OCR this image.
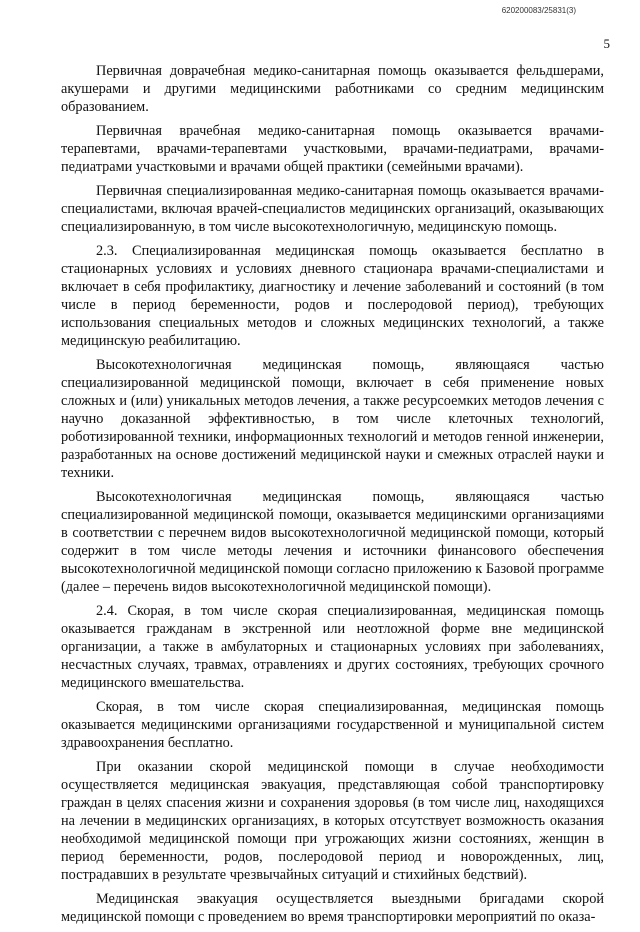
620200083/25831(3)
5

Первичная доврачебная медико-санитарная помощь оказывается фельдшерами, акушерами и другими медицинскими работниками со средним медицинским образованием.

Первичная врачебная медико-санитарная помощь оказывается врачами-терапевтами, врачами-терапевтами участковыми, врачами-педиатрами, врачами-педиатрами участковыми и врачами общей практики (семейными врачами).

Первичная специализированная медико-санитарная помощь оказывается врачами-специалистами, включая врачей-специалистов медицинских организаций, оказывающих специализированную, в том числе высокотехнологичную, медицинскую помощь.

2.3. Специализированная медицинская помощь оказывается бесплатно в стационарных условиях и условиях дневного стационара врачами-специалистами и включает в себя профилактику, диагностику и лечение заболеваний и состояний (в том числе в период беременности, родов и послеродовой период), требующих использования специальных методов и сложных медицинских технологий, а также медицинскую реабилитацию.

Высокотехнологичная медицинская помощь, являющаяся частью специализированной медицинской помощи, включает в себя применение новых сложных и (или) уникальных методов лечения, а также ресурсоемких методов лечения с научно доказанной эффективностью, в том числе клеточных технологий, роботизированной техники, информационных технологий и методов генной инженерии, разработанных на основе достижений медицинской науки и смежных отраслей науки и техники.

Высокотехнологичная медицинская помощь, являющаяся частью специализированной медицинской помощи, оказывается медицинскими организациями в соответствии с перечнем видов высокотехнологичной медицинской помощи, который содержит в том числе методы лечения и источники финансового обеспечения высокотехнологичной медицинской помощи согласно приложению к Базовой программе (далее – перечень видов высокотехнологичной медицинской помощи).

2.4. Скорая, в том числе скорая специализированная, медицинская помощь оказывается гражданам в экстренной или неотложной форме вне медицинской организации, а также в амбулаторных и стационарных условиях при заболеваниях, несчастных случаях, травмах, отравлениях и других состояниях, требующих срочного медицинского вмешательства.

Скорая, в том числе скорая специализированная, медицинская помощь оказывается медицинскими организациями государственной и муниципальной систем здравоохранения бесплатно.

При оказании скорой медицинской помощи в случае необходимости осуществляется медицинская эвакуация, представляющая собой транспортировку граждан в целях спасения жизни и сохранения здоровья (в том числе лиц, находящихся на лечении в медицинских организациях, в которых отсутствует возможность оказания необходимой медицинской помощи при угрожающих жизни состояниях, женщин в период беременности, родов, послеродовой период и новорожденных, лиц, пострадавших в результате чрезвычайных ситуаций и стихийных бедствий).

Медицинская эвакуация осуществляется выездными бригадами скорой медицинской помощи с проведением во время транспортировки мероприятий по оказа-
